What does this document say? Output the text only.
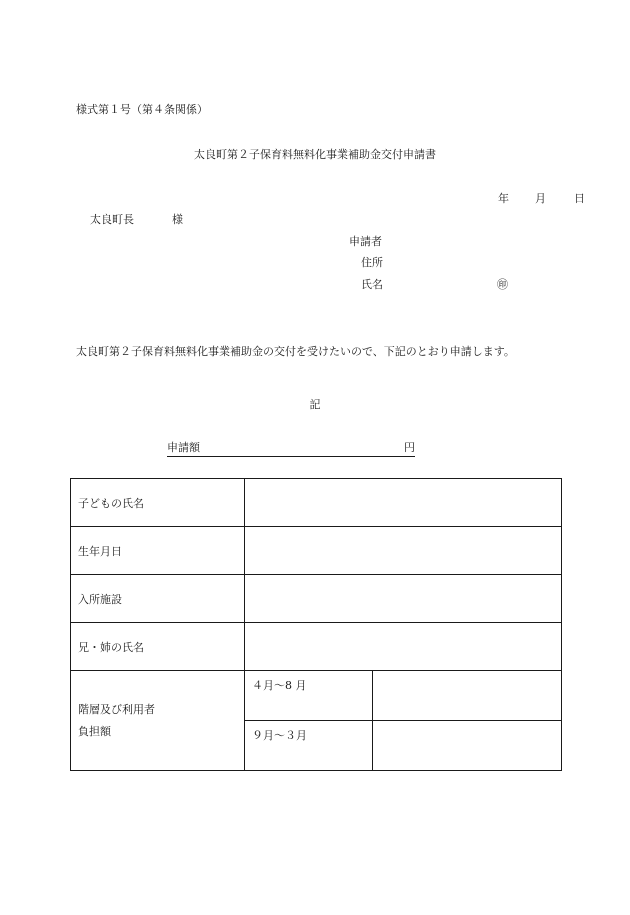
様式第１号（第４条関係）
太良町第２子保育料無料化事業補助金交付申請書
年 月	日
太良町長	様
申請者
住所
氏名	㊞
太良町第２子保育料無料化事業補助金の交付を受けたいので、下記のとおり申請します。
記
申請額	円
子どもの氏名		
生年月日		
入所施設		
兄・姉の氏名		

階層及び利用者
負担額	４月～8 月	
	９月～３月	
